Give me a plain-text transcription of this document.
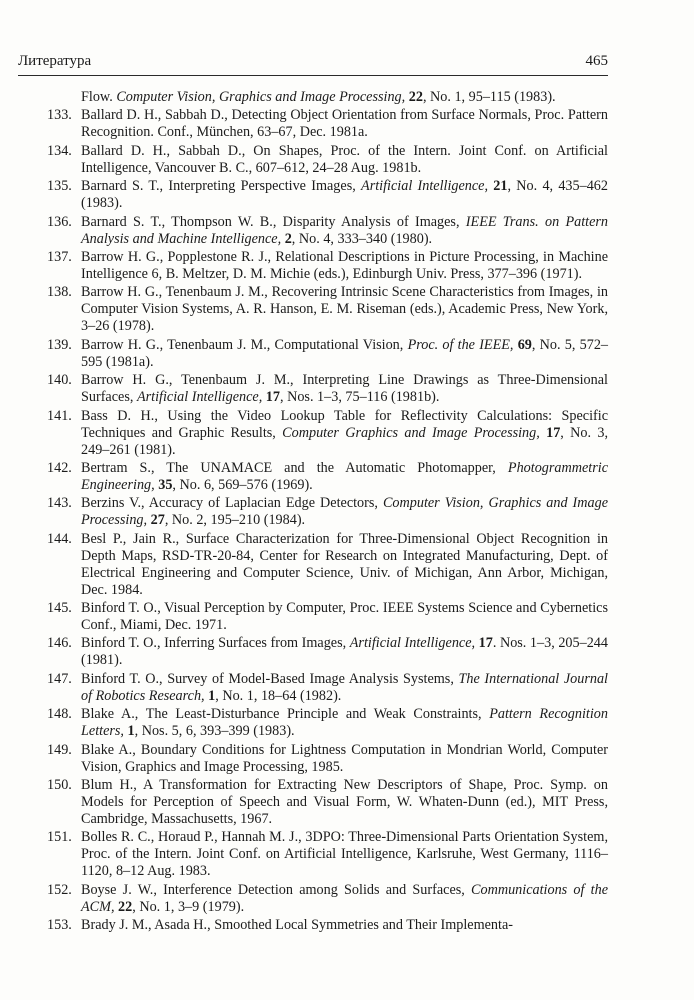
Литература	465
Flow. Computer Vision, Graphics and Image Processing, 22, No. 1, 95–115 (1983).
133. Ballard D. H., Sabbah D., Detecting Object Orientation from Surface Normals, Proc. Pattern Recognition. Conf., München, 63–67, Dec. 1981a.
134. Ballard D. H., Sabbah D., On Shapes, Proc. of the Intern. Joint Conf. on Artificial Intelligence, Vancouver B. C., 607–612, 24–28 Aug. 1981b.
135. Barnard S. T., Interpreting Perspective Images, Artificial Intelligence, 21, No. 4, 435–462 (1983).
136. Barnard S. T., Thompson W. B., Disparity Analysis of Images, IEEE Trans. on Pattern Analysis and Machine Intelligence, 2, No. 4, 333–340 (1980).
137. Barrow H. G., Popplestone R. J., Relational Descriptions in Picture Processing, in Machine Intelligence 6, B. Meltzer, D. M. Michie (eds.), Edinburgh Univ. Press, 377–396 (1971).
138. Barrow H. G., Tenenbaum J. M., Recovering Intrinsic Scene Characteristics from Images, in Computer Vision Systems, A. R. Hanson, E. M. Riseman (eds.), Academic Press, New York, 3–26 (1978).
139. Barrow H. G., Tenenbaum J. M., Computational Vision, Proc. of the IEEE, 69, No. 5, 572–595 (1981a).
140. Barrow H. G., Tenenbaum J. M., Interpreting Line Drawings as Three-Dimensional Surfaces, Artificial Intelligence, 17, Nos. 1–3, 75–116 (1981b).
141. Bass D. H., Using the Video Lookup Table for Reflectivity Calculations: Specific Techniques and Graphic Results, Computer Graphics and Image Processing, 17, No. 3, 249–261 (1981).
142. Bertram S., The UNAMACE and the Automatic Photomapper, Photogrammetric Engineering, 35, No. 6, 569–576 (1969).
143. Berzins V., Accuracy of Laplacian Edge Detectors, Computer Vision, Graphics and Image Processing, 27, No. 2, 195–210 (1984).
144. Besl P., Jain R., Surface Characterization for Three-Dimensional Object Recognition in Depth Maps, RSD-TR-20-84, Center for Research on Integrated Manufacturing, Dept. of Electrical Engineering and Computer Science, Univ. of Michigan, Ann Arbor, Michigan, Dec. 1984.
145. Binford T. O., Visual Perception by Computer, Proc. IEEE Systems Science and Cybernetics Conf., Miami, Dec. 1971.
146. Binford T. O., Inferring Surfaces from Images, Artificial Intelligence, 17. Nos. 1–3, 205–244 (1981).
147. Binford T. O., Survey of Model-Based Image Analysis Systems, The International Journal of Robotics Research, 1, No. 1, 18–64 (1982).
148. Blake A., The Least-Disturbance Principle and Weak Constraints, Pattern Recognition Letters, 1, Nos. 5, 6, 393–399 (1983).
149. Blake A., Boundary Conditions for Lightness Computation in Mondrian World, Computer Vision, Graphics and Image Processing, 1985.
150. Blum H., A Transformation for Extracting New Descriptors of Shape, Proc. Symp. on Models for Perception of Speech and Visual Form, W. Whaten-Dunn (ed.), MIT Press, Cambridge, Massachusetts, 1967.
151. Bolles R. C., Horaud P., Hannah M. J., 3DPO: Three-Dimensional Parts Orientation System, Proc. of the Intern. Joint Conf. on Artificial Intelligence, Karlsruhe, West Germany, 1116–1120, 8–12 Aug. 1983.
152. Boyse J. W., Interference Detection among Solids and Surfaces, Communications of the ACM, 22, No. 1, 3–9 (1979).
153. Brady J. M., Asada H., Smoothed Local Symmetries and Their Implementa-
